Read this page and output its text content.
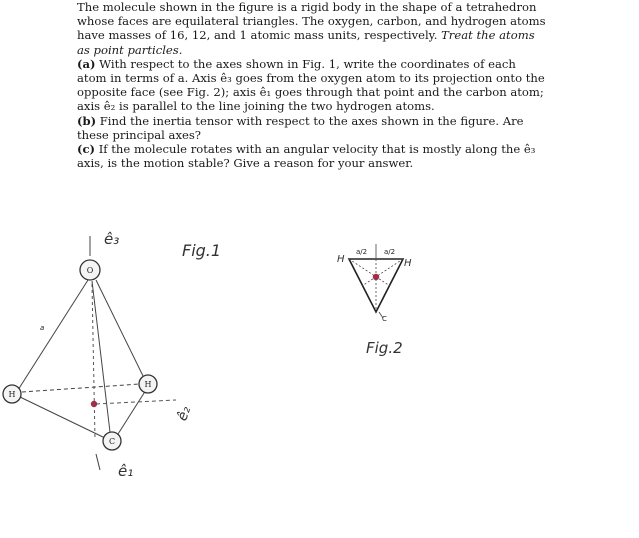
The molecule shown in the figure is a rigid body in the shape of a tetrahedron whose faces are equilateral triangles. The oxygen, carbon, and hydrogen atoms have masses of 16, 12, and 1 atomic mass units, respectively. Treat the atoms as point particles.

(a) With respect to the axes shown in Fig. 1, write the coordinates of each atom in terms of a. Axis ê₃ goes from the oxygen atom to its projection onto the opposite face (see Fig. 2); axis ê₁ goes through that point and the carbon atom; axis ê₂ is parallel to the line joining the two hydrogen atoms.

(b) Find the inertia tensor with respect to the axes shown in the figure. Are these principal axes?

(c) If the molecule rotates with an angular velocity that is mostly along the ê₃ axis, is the motion stable? Give a reason for your answer.

O
H
H
C
ê₃
ê₂
ê₁
a
Fig.1	H	H
C
a/2 a/2
Fig.2
